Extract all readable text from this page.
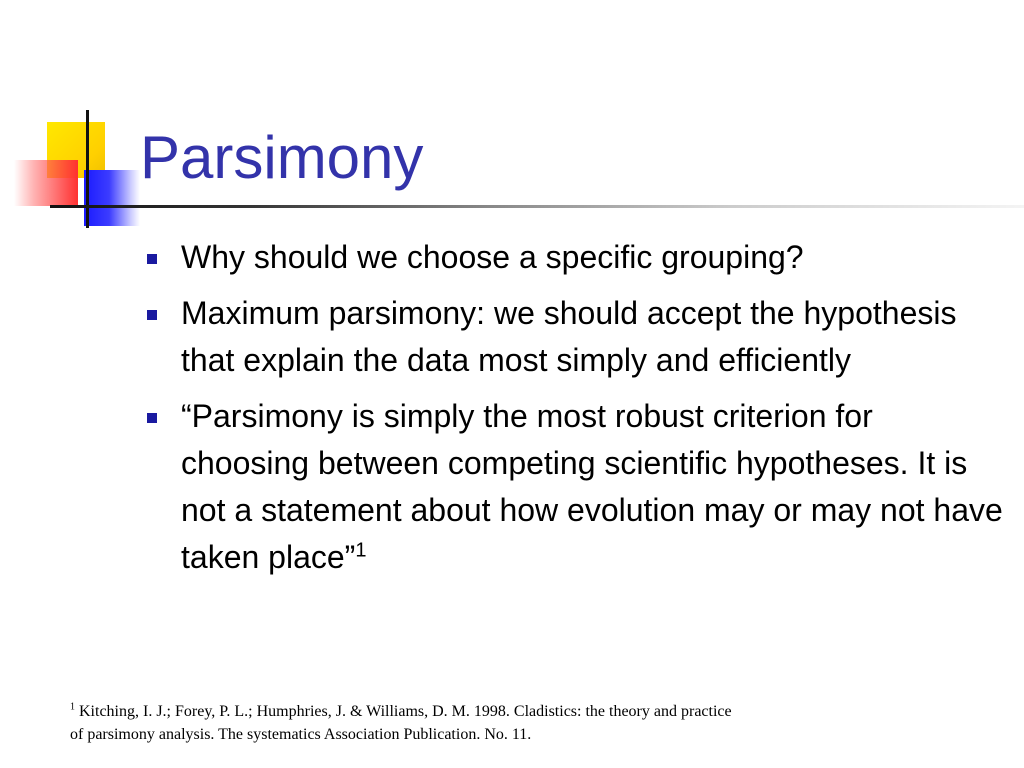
Parsimony
Why should we choose a specific grouping?
Maximum parsimony: we should accept the hypothesis that explain the data most simply and efficiently
“Parsimony is simply the most robust criterion for choosing between competing scientific hypotheses. It is not a statement about how evolution may or may not have taken place”$^1$
$^1$ Kitching, I. J.; Forey, P. L.; Humphries, J. & Williams, D. M. 1998. Cladistics: the theory and practice
of parsimony analysis. The systematics Association Publication. No. 11.
